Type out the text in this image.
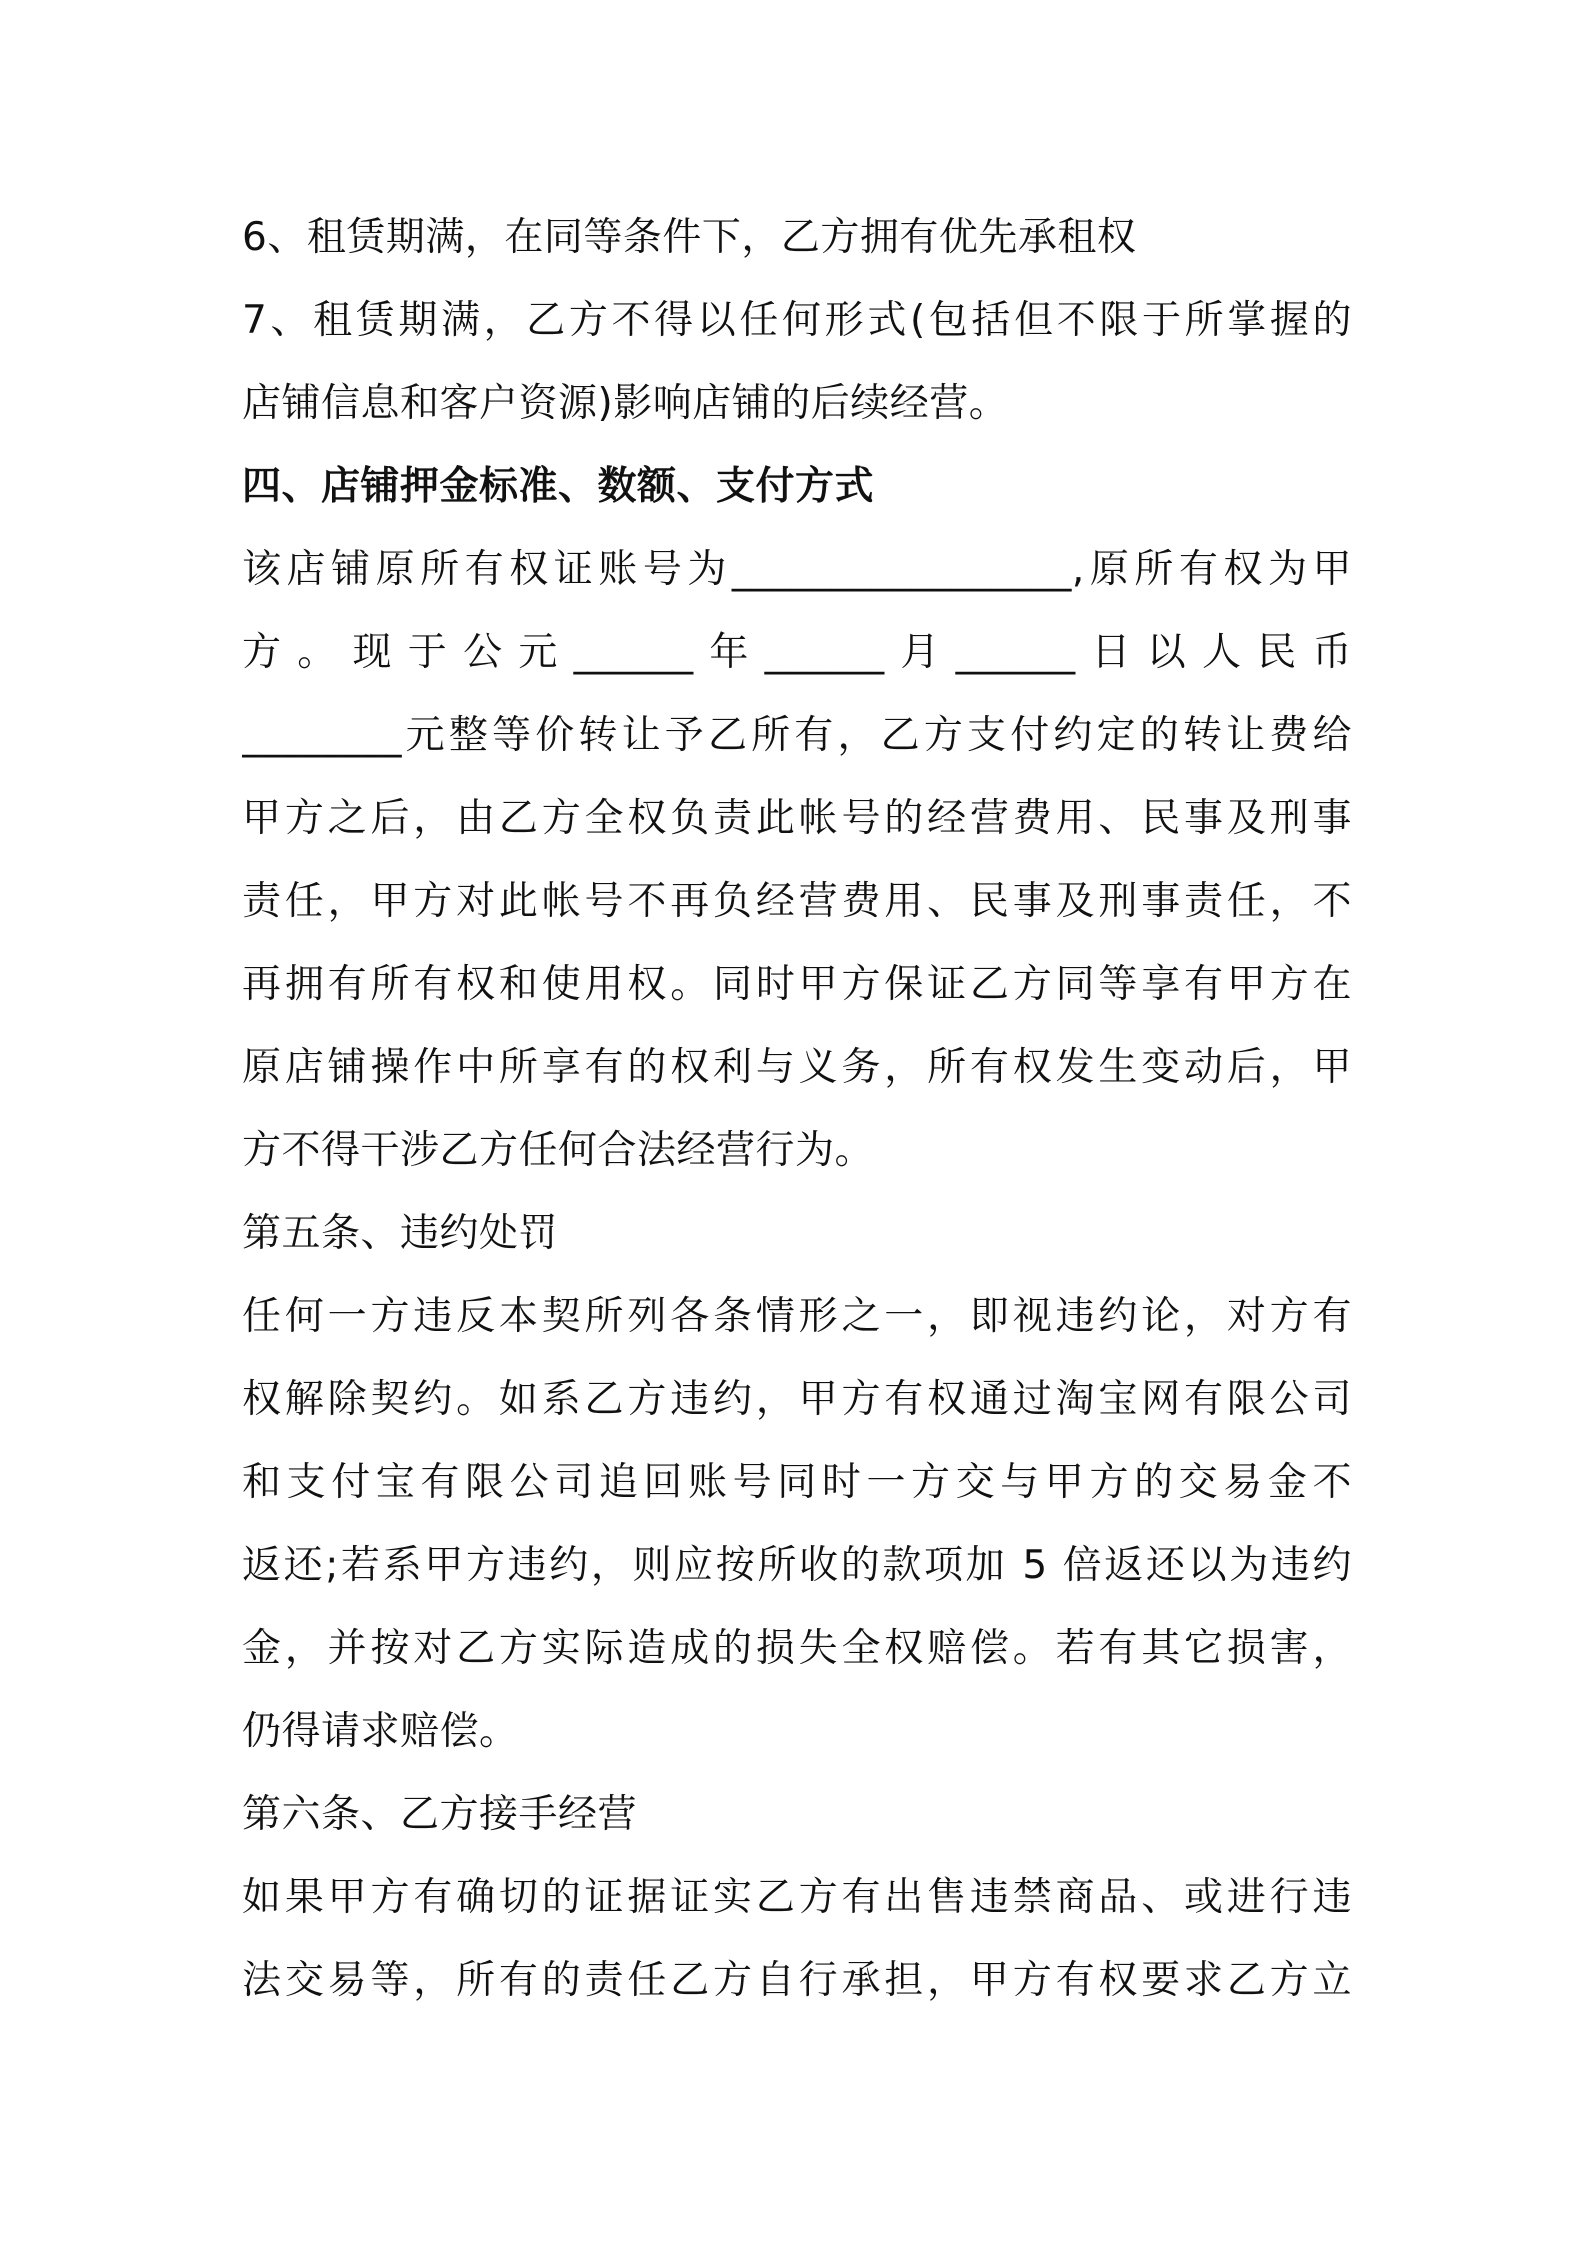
6、租赁期满，在同等条件下，乙方拥有优先承租权
7、租赁期满，乙方不得以任何形式(包括但不限于所掌握的
店铺信息和客户资源)影响店铺的后续经营。
四、店铺押金标准、数额、支付方式
该店铺原所有权证账号为_________________,原所有权为甲
方。现于公元______年______月______日以人民币
________元整等价转让予乙所有，乙方支付约定的转让费给
甲方之后，由乙方全权负责此帐号的经营费用、民事及刑事
责任，甲方对此帐号不再负经营费用、民事及刑事责任，不
再拥有所有权和使用权。同时甲方保证乙方同等享有甲方在
原店铺操作中所享有的权利与义务，所有权发生变动后，甲
方不得干涉乙方任何合法经营行为。
第五条、违约处罚
任何一方违反本契所列各条情形之一，即视违约论，对方有
权解除契约。如系乙方违约，甲方有权通过淘宝网有限公司
和支付宝有限公司追回账号同时一方交与甲方的交易金不
返还;若系甲方违约，则应按所收的款项加 5 倍返还以为违约
金，并按对乙方实际造成的损失全权赔偿。若有其它损害，
仍得请求赔偿。
第六条、乙方接手经营
如果甲方有确切的证据证实乙方有出售违禁商品、或进行违
法交易等，所有的责任乙方自行承担，甲方有权要求乙方立
